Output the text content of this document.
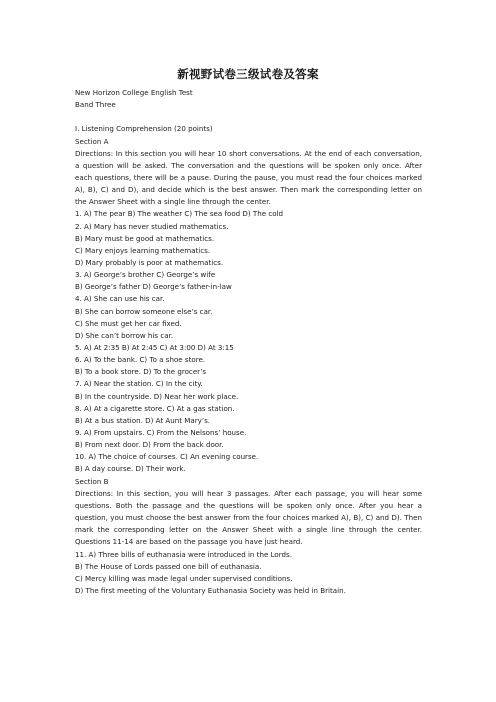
新视野试卷三级试卷及答案
New Horizon College English Test
Band Three
I. Listening Comprehension (20 points)
Section A
Directions: In this section you will hear 10 short conversations. At the end of each conversation, a question will be asked. The conversation and the questions will be spoken only once. After each questions, there will be a pause. During the pause, you must read the four choices marked A), B), C) and D), and decide which is the best answer. Then mark the corresponding letter on the Answer Sheet with a single line through the center.
1. A) The pear B) The weather C) The sea food D) The cold
2. A) Mary has never studied mathematics.
B) Mary must be good at mathematics.
C) Mary enjoys learning mathematics.
D) Mary probably is poor at mathematics.
3. A) George’s brother C) George’s wife
B) George’s father D) George’s father-in-law
4. A) She can use his car.
B) She can borrow someone else’s car.
C) She must get her car fixed.
D) She can’t borrow his car.
5. A) At 2:35 B) At 2:45 C) At 3:00 D) At 3:15
6. A) To the bank. C) To a shoe store.
B) To a book store. D) To the grocer’s
7. A) Near the station. C) In the city.
B) In the countryside. D) Near her work place.
8. A) At a cigarette store. C) At a gas station.
B) At a bus station. D) At Aunt Mary’s.
9. A) From upstairs. C) From the Nelsons’ house.
B) From next door. D) From the back door.
10. A) The choice of courses. C) An evening course.
B) A day course. D) Their work.
Section B
Directions: In this section, you will hear 3 passages. After each passage, you will hear some questions. Both the passage and the questions will be spoken only once. After you hear a question, you must choose the best answer from the four choices marked A), B), C) and D). Then mark the corresponding letter on the Answer Sheet with a single line through the center. Questions 11-14 are based on the passage you have just heard.
11. A) Three bills of euthanasia were introduced in the Lords.
B) The House of Lords passed one bill of euthanasia.
C) Mercy killing was made legal under supervised conditions.
D) The first meeting of the Voluntary Euthanasia Society was held in Britain.
